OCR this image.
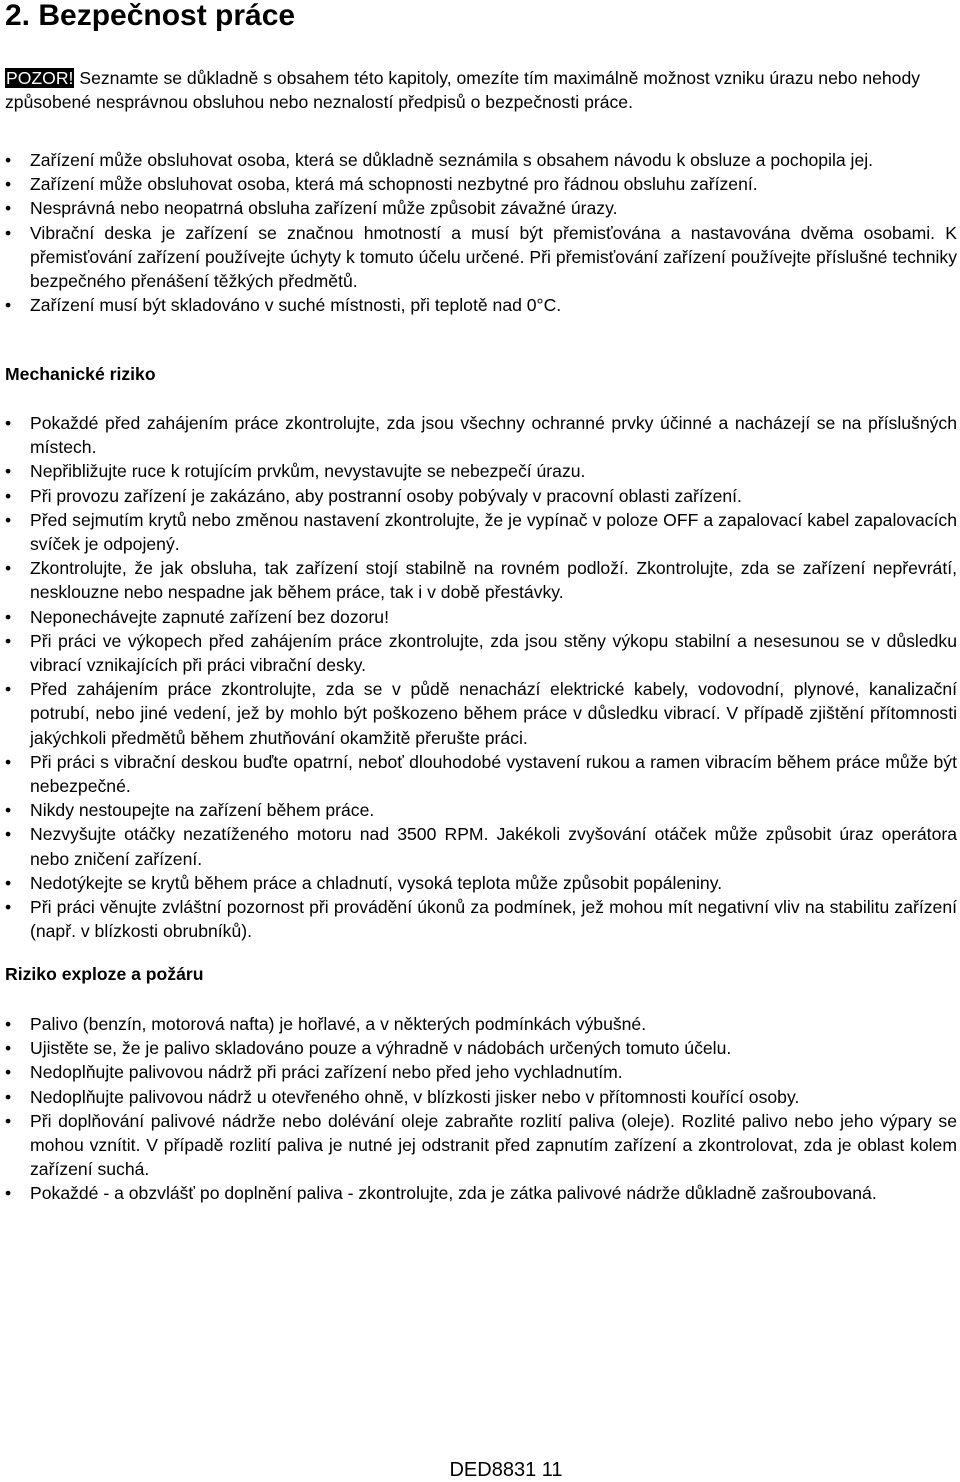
2. Bezpečnost práce

POZOR! Seznamte se důkladně s obsahem této kapitoly, omezíte tím maximálně možnost vzniku úrazu nebo nehody způsobené nesprávnou obsluhou nebo neznalostí předpisů o bezpečnosti práce.

• Zařízení může obsluhovat osoba, která se důkladně seznámila s obsahem návodu k obsluze a pochopila jej.
• Zařízení může obsluhovat osoba, která má schopnosti nezbytné pro řádnou obsluhu zařízení.
• Nesprávná nebo neopatrná obsluha zařízení může způsobit závažné úrazy.
• Vibrační deska je zařízení se značnou hmotností a musí být přemisťována a nastavována dvěma osobami. K přemisťování zařízení používejte úchyty k tomuto účelu určené. Při přemisťování zařízení používejte příslušné techniky bezpečného přenášení těžkých předmětů.
• Zařízení musí být skladováno v suché místnosti, při teplotě nad 0°C.
Mechanické riziko
• Pokaždé před zahájením práce zkontrolujte, zda jsou všechny ochranné prvky účinné a nacházejí se na příslušných místech.
• Nepřibližujte ruce k rotujícím prvkům, nevystavujte se nebezpečí úrazu.
• Při provozu zařízení je zakázáno, aby postranní osoby pobývaly v pracovní oblasti zařízení.
• Před sejmutím krytů nebo změnou nastavení zkontrolujte, že je vypínač v poloze OFF a zapalovací kabel zapalovacích svíček je odpojený.
• Zkontrolujte, že jak obsluha, tak zařízení stojí stabilně na rovném podloží. Zkontrolujte, zda se zařízení nepřevrátí, nesklouzne nebo nespadne jak během práce, tak i v době přestávky.
• Neponechávejte zapnuté zařízení bez dozoru!
• Při práci ve výkopech před zahájením práce zkontrolujte, zda jsou stěny výkopu stabilní a nesesunou se v důsledku vibrací vznikajících při práci vibrační desky.
• Před zahájením práce zkontrolujte, zda se v půdě nenachází elektrické kabely, vodovodní, plynové, kanalizační potrubí, nebo jiné vedení, jež by mohlo být poškozeno během práce v důsledku vibrací. V případě zjištění přítomnosti jakýchkoli předmětů během zhutňování okamžitě přerušte práci.
• Při práci s vibrační deskou buďte opatrní, neboť dlouhodobé vystavení rukou a ramen vibracím během práce může být nebezpečné.
• Nikdy nestoupejte na zařízení během práce.
• Nezvyšujte otáčky nezatíženého motoru nad 3500 RPM. Jakékoli zvyšování otáček může způsobit úraz operátora nebo zničení zařízení.
• Nedotýkejte se krytů během práce a chladnutí, vysoká teplota může způsobit popáleniny.
• Při práci věnujte zvláštní pozornost při provádění úkonů za podmínek, jež mohou mít negativní vliv na stabilitu zařízení (např. v blízkosti obrubníků).
Riziko exploze a požáru
• Palivo (benzín, motorová nafta) je hořlavé, a v některých podmínkách výbušné.
• Ujistěte se, že je palivo skladováno pouze a výhradně v nádobách určených tomuto účelu.
• Nedoplňujte palivovou nádrž při práci zařízení nebo před jeho vychladnutím.
• Nedoplňujte palivovou nádrž u otevřeného ohně, v blízkosti jisker nebo v přítomnosti kouřící osoby.
• Při doplňování palivové nádrže nebo dolévání oleje zabraňte rozlití paliva (oleje). Rozlité palivo nebo jeho výpary se mohou vznítit. V případě rozlití paliva je nutné jej odstranit před zapnutím zařízení a zkontrolovat, zda je oblast kolem zařízení suchá.
• Pokaždé - a obzvlášť po doplnění paliva - zkontrolujte, zda je zátka palivové nádrže důkladně zašroubovaná.
DED8831 11
